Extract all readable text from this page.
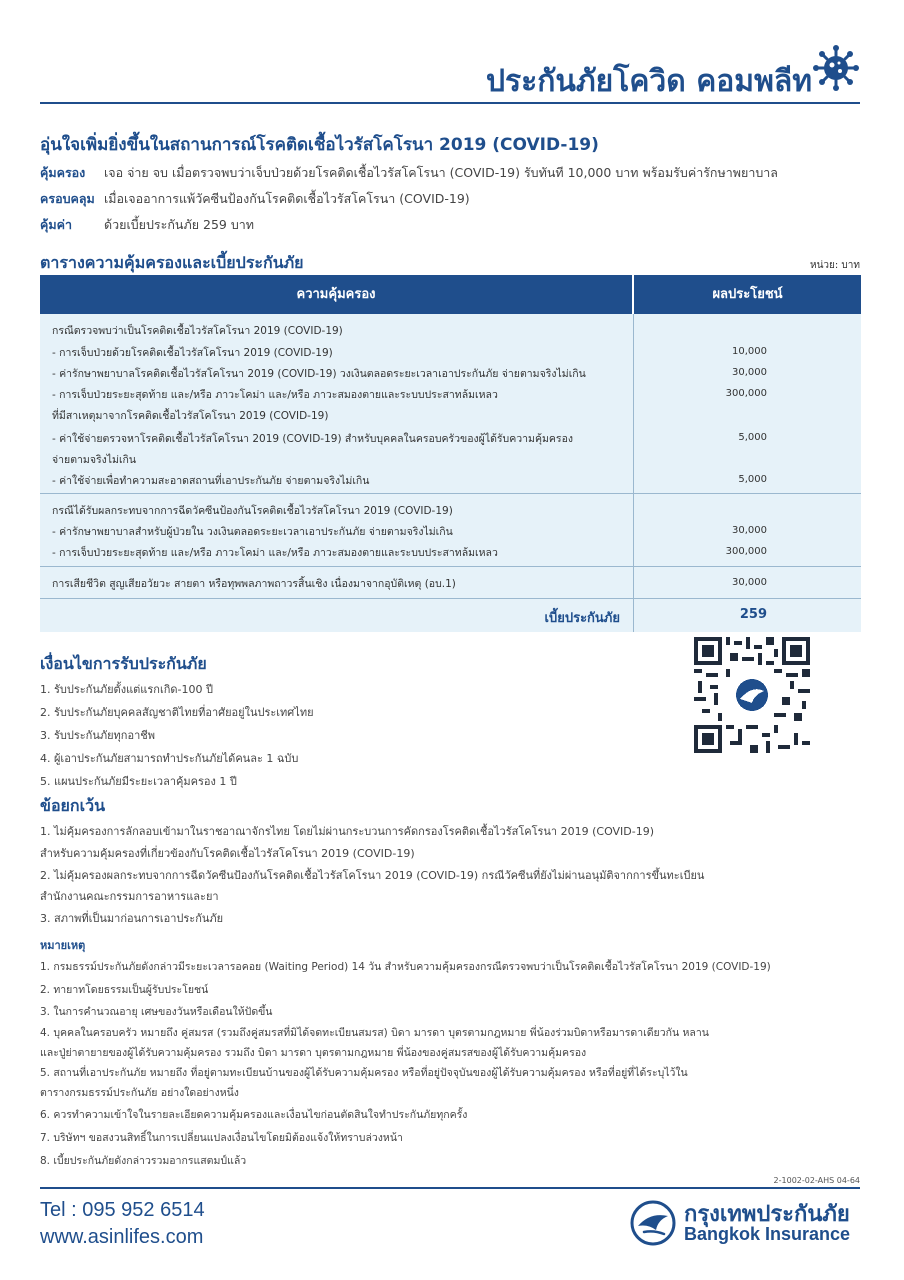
ประกันภัยโควิด คอมพลีท
อุ่นใจเพิ่มยิ่งขึ้นในสถานการณ์โรคติดเชื้อไวรัสโคโรนา 2019 (COVID-19)
คุ้มครอง เจอ จ่าย จบ เมื่อตรวจพบว่าเจ็บป่วยด้วยโรคติดเชื้อไวรัสโคโรนา (COVID-19) รับทันที 10,000 บาท พร้อมรับค่ารักษาพยาบาล
ครอบคลุม เมื่อเจออาการแพ้วัคซีนป้องกันโรคติดเชื้อไวรัสโคโรนา (COVID-19)
คุ้มค่า	ด้วยเบี้ยประกันภัย 259 บาท
ตารางความคุ้มครองและเบี้ยประกันภัย	หน่วย: บาท
ความคุ้มครอง	ผลประโยชน์
กรณีตรวจพบว่าเป็นโรคติดเชื้อไวรัสโคโรนา 2019 (COVID-19)
- การเจ็บป่วยด้วยโรคติดเชื้อไวรัสโคโรนา 2019 (COVID-19)	10,000
- ค่ารักษาพยาบาลโรคติดเชื้อไวรัสโคโรนา 2019 (COVID-19) วงเงินตลอดระยะเวลาเอาประกันภัย จ่ายตามจริงไม่เกิน	30,000
- การเจ็บป่วยระยะสุดท้าย และ/หรือ ภาวะโคม่า และ/หรือ ภาวะสมองตายและระบบประสาทล้มเหลว	300,000
ที่มีสาเหตุมาจากโรคติดเชื้อไวรัสโคโรนา 2019 (COVID-19)
- ค่าใช้จ่ายตรวจหาโรคติดเชื้อไวรัสโคโรนา 2019 (COVID-19) สำหรับบุคคลในครอบครัวของผู้ได้รับความคุ้มครอง	5,000
จ่ายตามจริงไม่เกิน
- ค่าใช้จ่ายเพื่อทำความสะอาดสถานที่เอาประกันภัย จ่ายตามจริงไม่เกิน	5,000
กรณีได้รับผลกระทบจากการฉีดวัคซีนป้องกันโรคติดเชื้อไวรัสโคโรนา 2019 (COVID-19)
- ค่ารักษาพยาบาลสำหรับผู้ป่วยใน วงเงินตลอดระยะเวลาเอาประกันภัย จ่ายตามจริงไม่เกิน	30,000
- การเจ็บป่วยระยะสุดท้าย และ/หรือ ภาวะโคม่า และ/หรือ ภาวะสมองตายและระบบประสาทล้มเหลว	300,000
การเสียชีวิต สูญเสียอวัยวะ สายตา หรือทุพพลภาพถาวรสิ้นเชิง เนื่องมาจากอุบัติเหตุ (อบ.1)	30,000
เบี้ยประกันภัย	259
เงื่อนไขการรับประกันภัย
1. รับประกันภัยตั้งแต่แรกเกิด-100 ปี
2. รับประกันภัยบุคคลสัญชาติไทยที่อาศัยอยู่ในประเทศไทย
3. รับประกันภัยทุกอาชีพ
4. ผู้เอาประกันภัยสามารถทำประกันภัยได้คนละ 1 ฉบับ
5. แผนประกันภัยมีระยะเวลาคุ้มครอง 1 ปี
ข้อยกเว้น
1. ไม่คุ้มครองการลักลอบเข้ามาในราชอาณาจักรไทย โดยไม่ผ่านกระบวนการคัดกรองโรคติดเชื้อไวรัสโคโรนา 2019 (COVID-19)
สำหรับความคุ้มครองที่เกี่ยวข้องกับโรคติดเชื้อไวรัสโคโรนา 2019 (COVID-19)
2. ไม่คุ้มครองผลกระทบจากการฉีดวัคซีนป้องกันโรคติดเชื้อไวรัสโคโรนา 2019 (COVID-19) กรณีวัคซีนที่ยังไม่ผ่านอนุมัติจากการขึ้นทะเบียน
สำนักงานคณะกรรมการอาหารและยา
3. สภาพที่เป็นมาก่อนการเอาประกันภัย
หมายเหตุ
1. กรมธรรม์ประกันภัยดังกล่าวมีระยะเวลารอคอย (Waiting Period) 14 วัน สำหรับความคุ้มครองกรณีตรวจพบว่าเป็นโรคติดเชื้อไวรัสโคโรนา 2019 (COVID-19)
2. ทายาทโดยธรรมเป็นผู้รับประโยชน์
3. ในการคำนวณอายุ เศษของวันหรือเดือนให้ปัดขึ้น
4. บุคคลในครอบครัว หมายถึง คู่สมรส (รวมถึงคู่สมรสที่มิได้จดทะเบียนสมรส) บิดา มารดา บุตรตามกฎหมาย พี่น้องร่วมบิดาหรือมารดาเดียวกัน หลาน
และปู่ย่าตายายของผู้ได้รับความคุ้มครอง รวมถึง บิดา มารดา บุตรตามกฎหมาย พี่น้องของคู่สมรสของผู้ได้รับความคุ้มครอง
5. สถานที่เอาประกันภัย หมายถึง ที่อยู่ตามทะเบียนบ้านของผู้ได้รับความคุ้มครอง หรือที่อยู่ปัจจุบันของผู้ได้รับความคุ้มครอง หรือที่อยู่ที่ได้ระบุไว้ใน
ตารางกรมธรรม์ประกันภัย อย่างใดอย่างหนึ่ง
6. ควรทำความเข้าใจในรายละเอียดความคุ้มครองและเงื่อนไขก่อนตัดสินใจทำประกันภัยทุกครั้ง
7. บริษัทฯ ขอสงวนสิทธิ์ในการเปลี่ยนแปลงเงื่อนไขโดยมิต้องแจ้งให้ทราบล่วงหน้า
8. เบี้ยประกันภัยดังกล่าวรวมอากรแสตมป์แล้ว
2-1002-02-AHS 04-64
Tel : 095 952 6514
www.asinlifes.com
กรุงเทพประกันภัย
Bangkok Insurance
